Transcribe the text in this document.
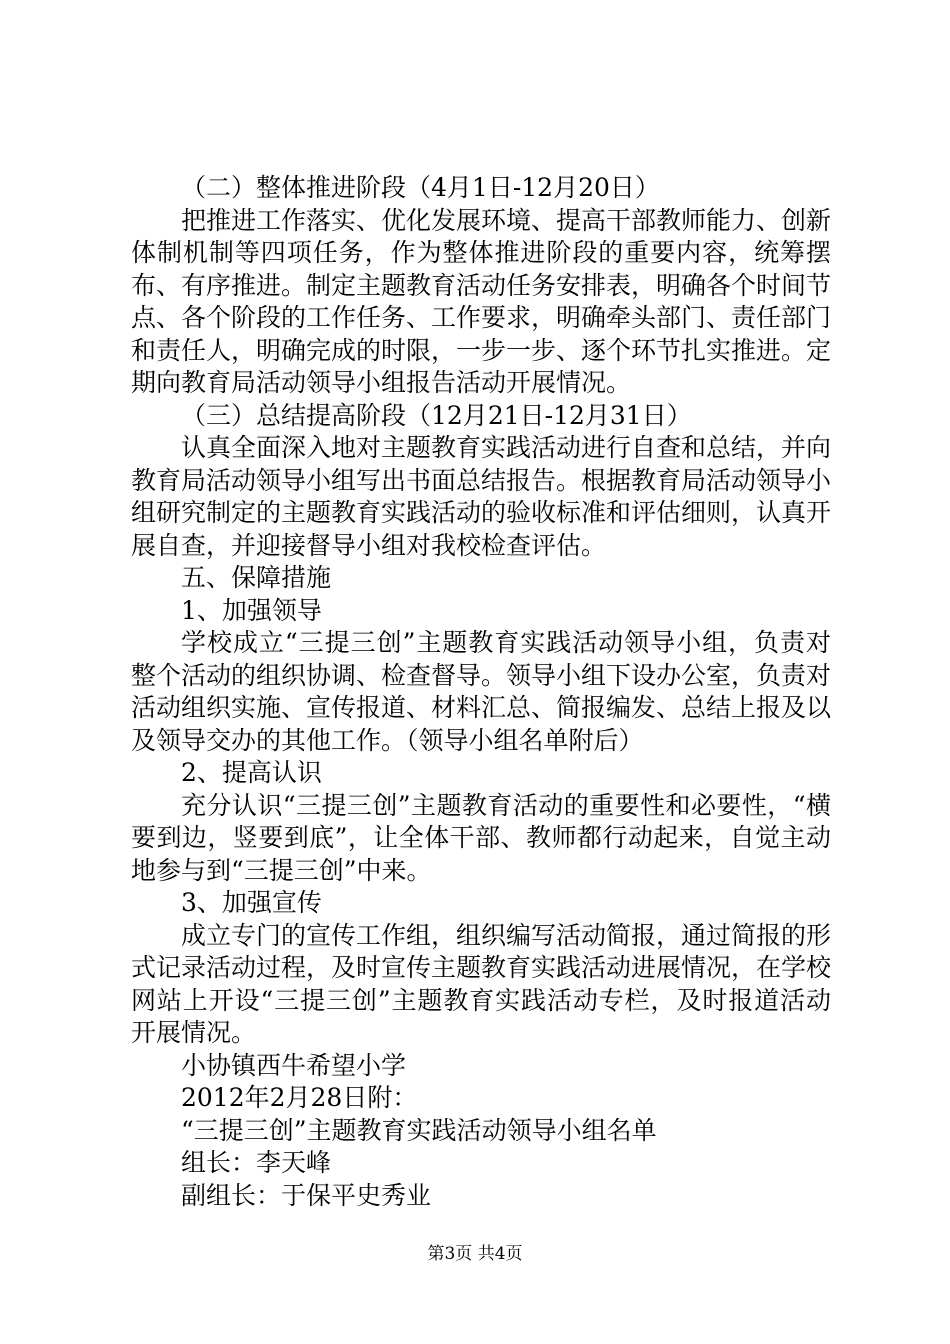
（二）整体推进阶段（4月1日-12月20日）

把推进工作落实、优化发展环境、提高干部教师能力、创新体制机制等四项任务，作为整体推进阶段的重要内容，统筹摆布、有序推进。制定主题教育活动任务安排表，明确各个时间节点、各个阶段的工作任务、工作要求，明确牵头部门、责任部门和责任人，明确完成的时限，一步一步、逐个环节扎实推进。定期向教育局活动领导小组报告活动开展情况。

（三）总结提高阶段（12月21日-12月31日）

认真全面深入地对主题教育实践活动进行自查和总结，并向教育局活动领导小组写出书面总结报告。根据教育局活动领导小组研究制定的主题教育实践活动的验收标准和评估细则，认真开展自查，并迎接督导小组对我校检查评估。

五、保障措施

1、加强领导

学校成立“三提三创”主题教育实践活动领导小组，负责对整个活动的组织协调、检查督导。领导小组下设办公室，负责对活动组织实施、宣传报道、材料汇总、简报编发、总结上报及以及领导交办的其他工作。（领导小组名单附后）

2、提高认识

充分认识“三提三创”主题教育活动的重要性和必要性，“横要到边，竖要到底”，让全体干部、教师都行动起来，自觉主动地参与到“三提三创”中来。

3、加强宣传

成立专门的宣传工作组，组织编写活动简报，通过简报的形式记录活动过程，及时宣传主题教育实践活动进展情况，在学校网站上开设“三提三创”主题教育实践活动专栏，及时报道活动开展情况。

小协镇西牛希望小学

2012年2月28日附：

“三提三创”主题教育实践活动领导小组名单

组长：李天峰

副组长：于保平史秀业

第3页 共4页
